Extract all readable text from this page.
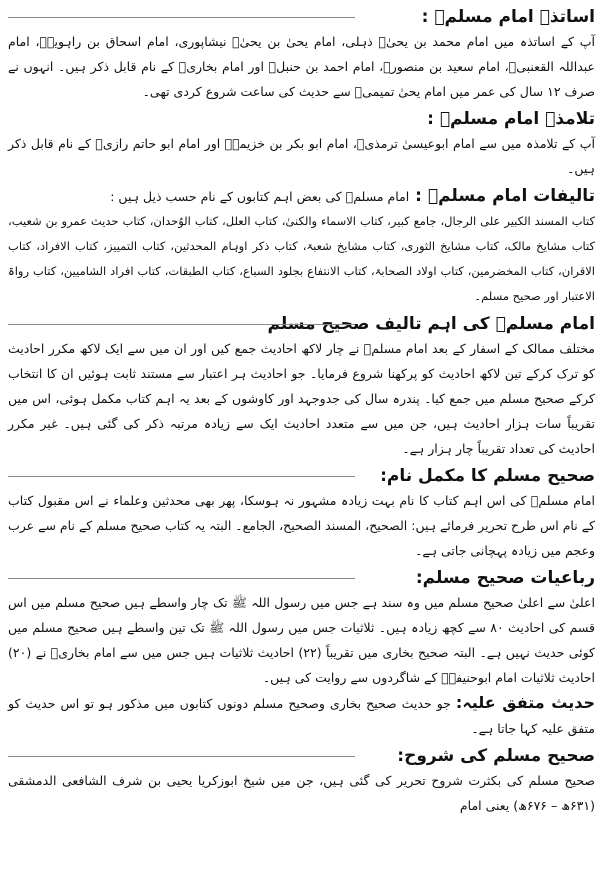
اساتذۂ امام مسلمؒ :

آپ کے اساتذہ میں امام محمد بن یحیٰؒ ذہلی، امام یحیٰ بن یحیٰؒ نیشاپوری، امام اسحاق بن راہویہؒ، امام عبداللہ القعنبیؒ، امام سعید بن منصورؒ، امام احمد بن حنبلؒ اور امام بخاریؒ کے نام قابل ذکر ہیں۔ انہوں نے صرف ۱۲ سال کی عمر میں امام یحیٰ تمیمیؒ سے حدیث کی ساعت شروع کردی تھی۔

تلامذۂ امام مسلمؒ :

آپ کے تلامذہ میں سے امام ابوعیسیٰ ترمذیؒ، امام ابو بکر بن خزیمہؒ اور امام ابو حاتم رازیؒ کے نام قابل ذکر ہیں۔

تالیفات امام مسلمؒ : امام مسلمؒ کی بعض اہم کتابوں کے نام حسب ذیل ہیں :

کتاب المسند الکبیر علی الرجال، جامع کبیر، کتاب الاسماء والکنیٰ، کتاب العلل، کتاب الوُحدان، کتاب حدیث عمرو بن شعیب، کتاب مشایخ مالک، کتاب مشایخ الثوری، کتاب مشایخ شعبۃ، کتاب ذکر اوہام المحدثین، کتاب التمییز، کتاب الافراد، کتاب الاقران، کتاب المخضرمین، کتاب اولاد الصحابۃ، کتاب الانتفاع بجلود السباع، کتاب الطبقات، کتاب افراد الشامیین، کتاب رواۃ الاعتبار اور صحیح مسلم۔

امام مسلمؒ کی اہم تالیف صحیح مسلم

مختلف ممالک کے اسفار کے بعد امام مسلمؒ نے چار لاکھ احادیث جمع کیں اور ان میں سے ایک لاکھ مکرر احادیث کو ترک کرکے تین لاکھ احادیث کو پرکھنا شروع فرمایا۔ جو احادیث ہر اعتبار سے مستند ثابت ہوئیں ان کا انتخاب کرکے صحیح مسلم میں جمع کیا۔ پندرہ سال کی جدوجہد اور کاوشوں کے بعد یہ اہم کتاب مکمل ہوئی، اس میں تقریباً سات ہزار احادیث ہیں، جن میں سے متعدد احادیث ایک سے زیادہ مرتبہ ذکر کی گئی ہیں۔ غیر مکرر احادیث کی تعداد تقریباً چار ہزار ہے۔

صحیح مسلم کا مکمل نام:

امام مسلمؒ کی اس اہم کتاب کا نام بہت زیادہ مشہور نہ ہوسکا، پھر بھی محدثین وعلماء نے اس مقبول کتاب کے نام اس طرح تحریر فرمائے ہیں: الصحیح، المسند الصحیح، الجامع۔ البتہ یہ کتاب صحیح مسلم کے نام سے عرب وعجم میں زیادہ پہچانی جاتی ہے۔

رباعیات صحیح مسلم:

اعلیٰ سے اعلیٰ صحیح مسلم میں وہ سند ہے جس میں رسول اللہ ﷺ تک چار واسطے ہیں صحیح مسلم میں اس قسم کی احادیث ۸۰ سے کچھ زیادہ ہیں۔ ثلاثیات جس میں رسول اللہ ﷺ تک تین واسطے ہیں صحیح مسلم میں کوئی حدیث نہیں ہے۔ البتہ صحیح بخاری میں تقریباً (۲۲) احادیث ثلاثیات ہیں جس میں سے امام بخاریؒ نے (۲۰) احادیث ثلاثیات امام ابوحنیفہؒ کے شاگردوں سے روایت کی ہیں۔

حدیث متفق علیہ: جو حدیث صحیح بخاری وصحیح مسلم دونوں کتابوں میں مذکور ہو تو اس حدیث کو متفق علیہ کہا جاتا ہے۔

صحیح مسلم کی شروح:

صحیح مسلم کی بکثرت شروح تحریر کی گئی ہیں، جن میں شیخ ابوزکریا یحیی بن شرف الشافعی الدمشقی (۶۳۱ھ – ۶۷۶ھ) یعنی امام
